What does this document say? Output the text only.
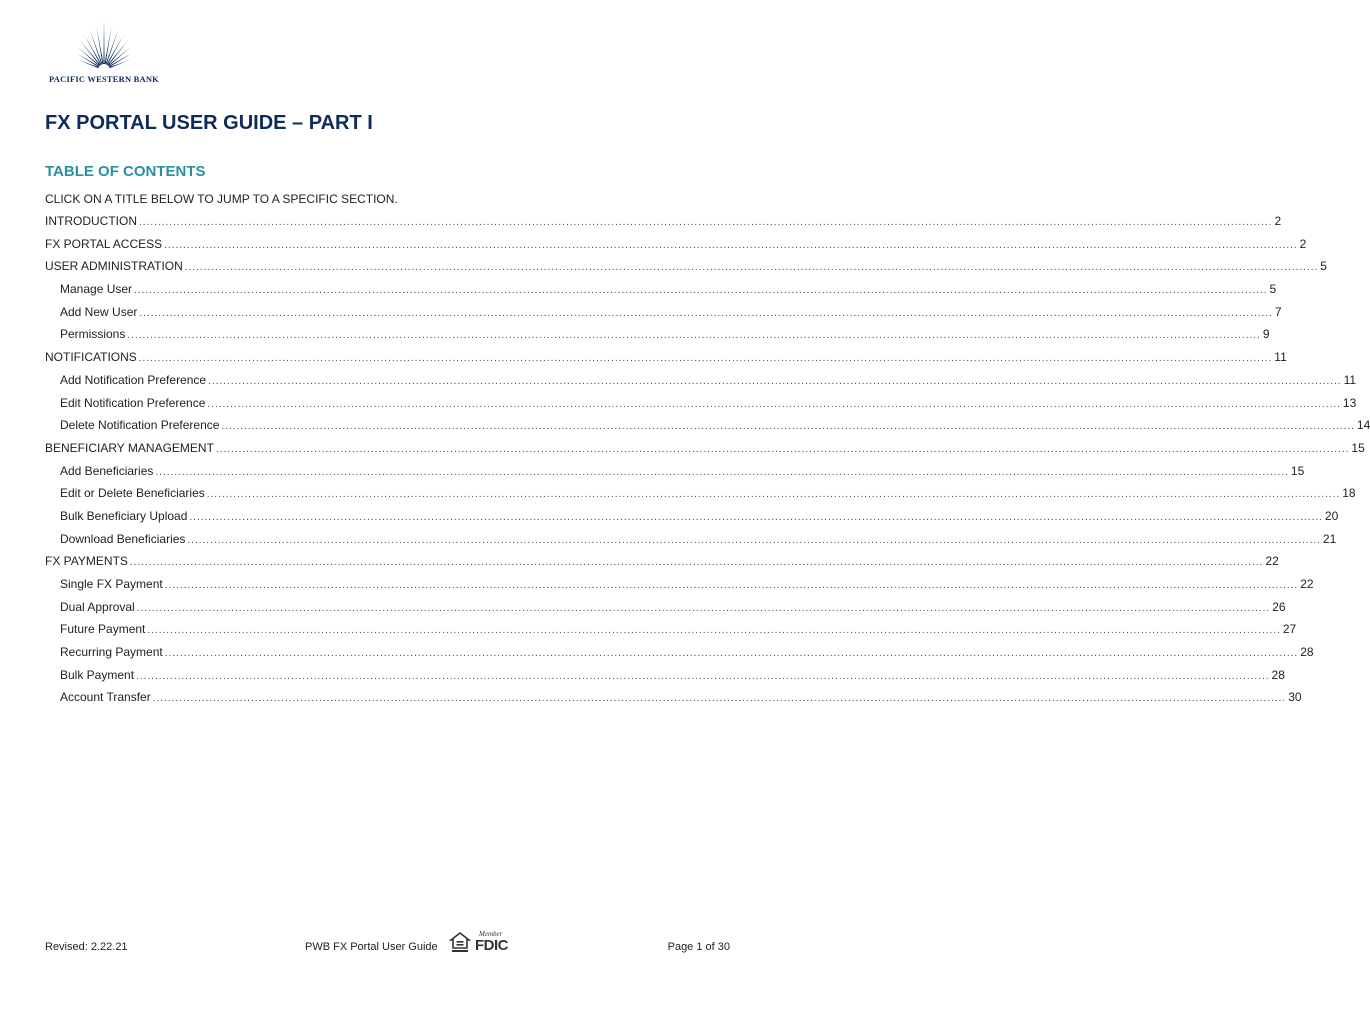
PACIFIC WESTERN BANK
FX PORTAL USER GUIDE – PART I
TABLE OF CONTENTS
CLICK ON A TITLE BELOW TO JUMP TO A SPECIFIC SECTION.
INTRODUCTION ............................................................................................................................................................................................................................................................................................................ 2
FX PORTAL ACCESS ............................................................................................................................................................................................................................................................................................................ 2
USER ADMINISTRATION ............................................................................................................................................................................................................................................................................................................ 5
Manage User ............................................................................................................................................................................................................................................................................................................ 5
Add New User ............................................................................................................................................................................................................................................................................................................ 7
Permissions ............................................................................................................................................................................................................................................................................................................ 9
NOTIFICATIONS ............................................................................................................................................................................................................................................................................................................ 11
Add Notification Preference ............................................................................................................................................................................................................................................................................................................ 11
Edit Notification Preference ............................................................................................................................................................................................................................................................................................................ 13
Delete Notification Preference ............................................................................................................................................................................................................................................................................................................ 14
BENEFICIARY MANAGEMENT ............................................................................................................................................................................................................................................................................................................ 15
Add Beneficiaries ............................................................................................................................................................................................................................................................................................................ 15
Edit or Delete Beneficiaries ............................................................................................................................................................................................................................................................................................................ 18
Bulk Beneficiary Upload ............................................................................................................................................................................................................................................................................................................ 20
Download Beneficiaries ............................................................................................................................................................................................................................................................................................................ 21
FX PAYMENTS ............................................................................................................................................................................................................................................................................................................ 22
Single FX Payment ............................................................................................................................................................................................................................................................................................................ 22
Dual Approval ............................................................................................................................................................................................................................................................................................................ 26
Future Payment ............................................................................................................................................................................................................................................................................................................ 27
Recurring Payment ............................................................................................................................................................................................................................................................................................................ 28
Bulk Payment ............................................................................................................................................................................................................................................................................................................ 28
Account Transfer ............................................................................................................................................................................................................................................................................................................ 30
Revised: 2.22.21	PWB FX Portal User Guide
Member
FDIC	Page 1 of 30
